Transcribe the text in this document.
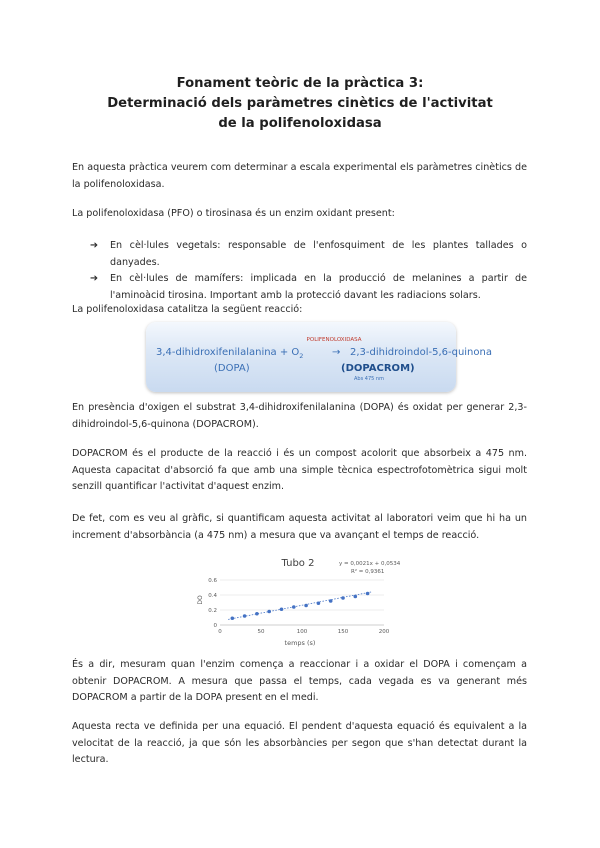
Fonament teòric de la pràctica 3:
Determinació dels paràmetres cinètics de l'activitat
de la polifenoloxidasa
En aquesta pràctica veurem com determinar a escala experimental els paràmetres cinètics de la polifenoloxidasa.
La polifenoloxidasa (PFO) o tirosinasa és un enzim oxidant present:
➔ En cèl·lules vegetals: responsable de l'enfosquiment de les plantes tallades o danyades.
➔ En cèl·lules de mamífers: implicada en la producció de melanines a partir de l'aminoàcid tirosina. Important amb la protecció davant les radiacions solars.
La polifenoloxidasa catalitza la següent reacció:
POLIFENOLOXIDASA
3,4-dihidroxifenilalanina + $O_2$	→ 2,3-dihidroindol-5,6-quinona
(DOPA)	(DOPACROM)
Abs 475 nm
En presència d'oxigen el substrat 3,4-dihidroxifenilalanina (DOPA) és oxidat per generar 2,3-dihidroindol-5,6-quinona (DOPACROM).
DOPACROM és el producte de la reacció i és un compost acolorit que absorbeix a 475 nm. Aquesta capacitat d'absorció fa que amb una simple tècnica espectrofotomètrica sigui molt senzill quantificar l'activitat d'aquest enzim.
De fet, com es veu al gràfic, si quantificam aquesta activitat al laboratori veim que hi ha un increment d'absorbància (a 475 nm) a mesura que va avançant el temps de reacció.
Tubo 2	y = 0,0021x + 0,0534
R² = 0,9361
DO
temps (s)
0
0.2
0.4
0.6
0	50	100	150	200
És a dir, mesuram quan l'enzim comença a reaccionar i a oxidar el DOPA i començam a obtenir DOPACROM. A mesura que passa el temps, cada vegada es va generant més DOPACROM a partir de la DOPA present en el medi.
Aquesta recta ve definida per una equació. El pendent d'aquesta equació és equivalent a la velocitat de la reacció, ja que són les absorbàncies per segon que s'han detectat durant la lectura.
